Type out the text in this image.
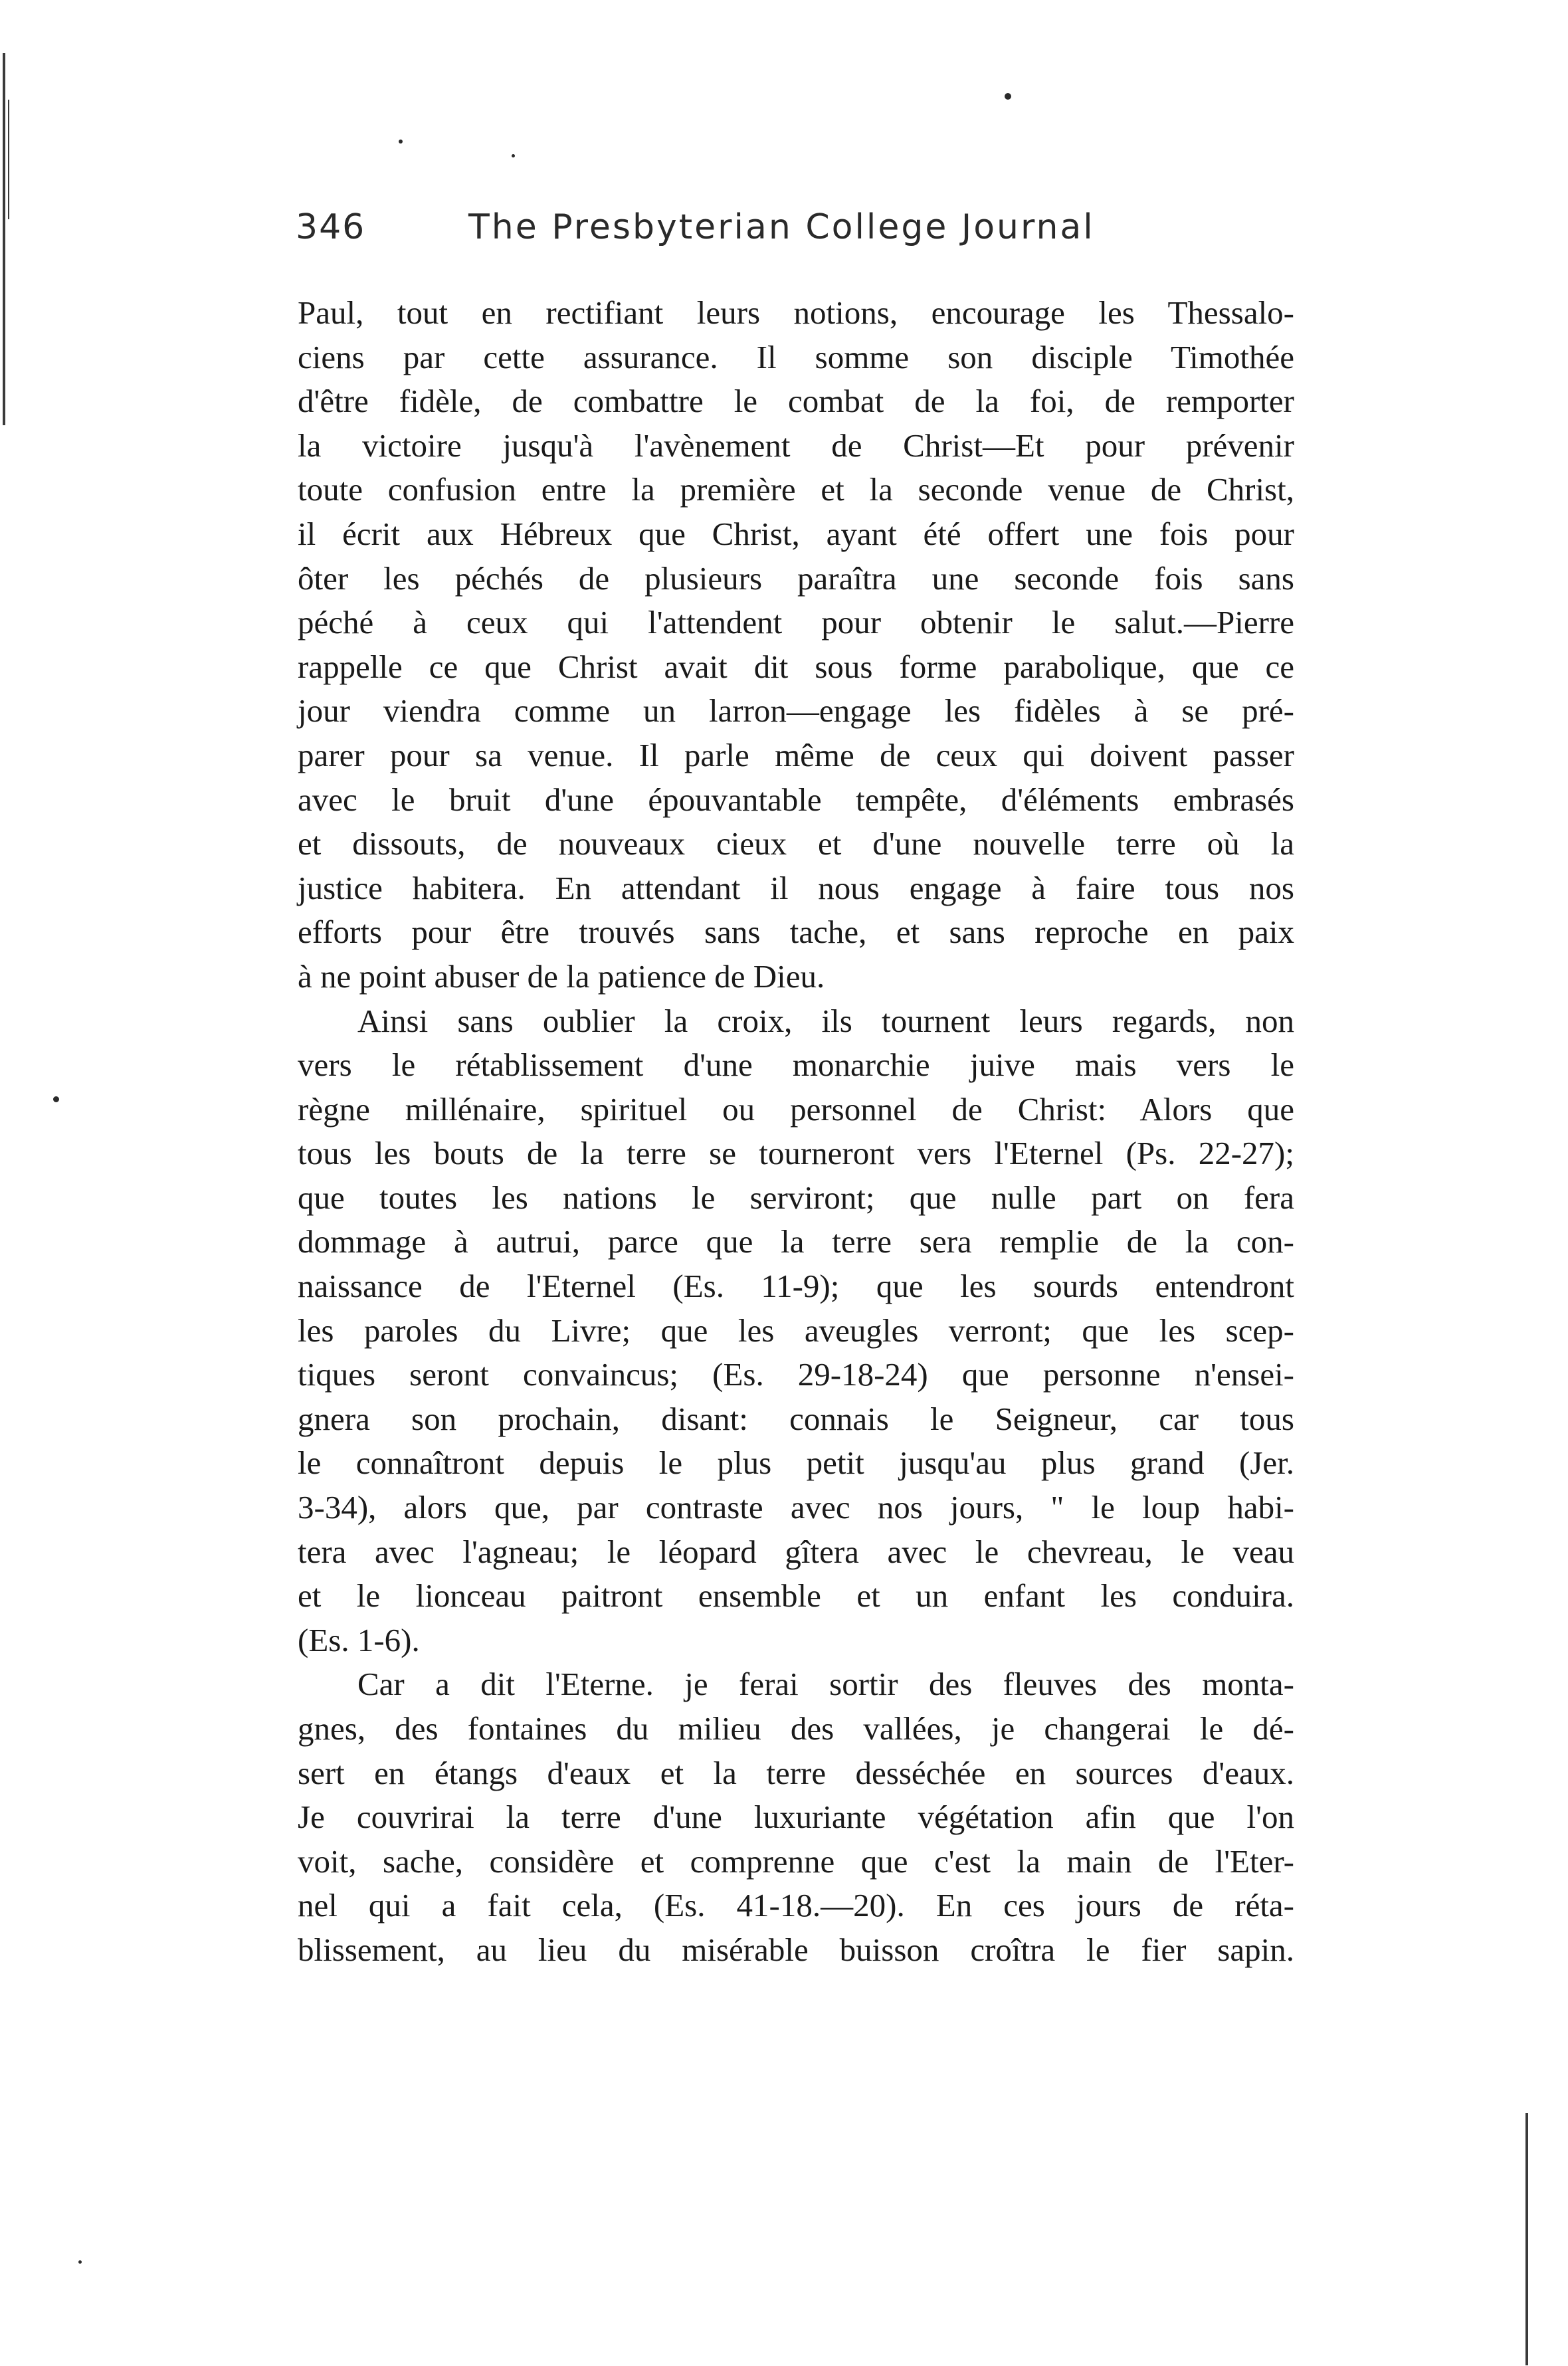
346	The Presbyterian College Journal
Paul, tout en rectifiant leurs notions, encourage les Thessalo-
ciens par cette assurance. Il somme son disciple Timothée
d'être fidèle, de combattre le combat de la foi, de remporter
la victoire jusqu'à l'avènement de Christ—Et pour prévenir
toute confusion entre la première et la seconde venue de Christ,
il écrit aux Hébreux que Christ, ayant été offert une fois pour
ôter les péchés de plusieurs paraîtra une seconde fois sans
péché à ceux qui l'attendent pour obtenir le salut.—Pierre
rappelle ce que Christ avait dit sous forme parabolique, que ce
jour viendra comme un larron—engage les fidèles à se pré-
parer pour sa venue. Il parle même de ceux qui doivent passer
avec le bruit d'une épouvantable tempête, d'éléments embrasés
et dissouts, de nouveaux cieux et d'une nouvelle terre où la
justice habitera. En attendant il nous engage à faire tous nos
efforts pour être trouvés sans tache, et sans reproche en paix
à ne point abuser de la patience de Dieu.
Ainsi sans oublier la croix, ils tournent leurs regards, non
vers le rétablissement d'une monarchie juive mais vers le
règne millénaire, spirituel ou personnel de Christ: Alors que
tous les bouts de la terre se tourneront vers l'Eternel (Ps. 22-27);
que toutes les nations le serviront; que nulle part on fera
dommage à autrui, parce que la terre sera remplie de la con-
naissance de l'Eternel (Es. 11-9); que les sourds entendront
les paroles du Livre; que les aveugles verront; que les scep-
tiques seront convaincus; (Es. 29-18-24) que personne n'ensei-
gnera son prochain, disant: connais le Seigneur, car tous
le connaîtront depuis le plus petit jusqu'au plus grand (Jer.
3-34), alors que, par contraste avec nos jours, " le loup habi-
tera avec l'agneau; le léopard gîtera avec le chevreau, le veau
et le lionceau paitront ensemble et un enfant les conduira.
(Es. 1-6).
Car a dit l'Eterne. je ferai sortir des fleuves des monta-
gnes, des fontaines du milieu des vallées, je changerai le dé-
sert en étangs d'eaux et la terre desséchée en sources d'eaux.
Je couvrirai la terre d'une luxuriante végétation afin que l'on
voit, sache, considère et comprenne que c'est la main de l'Eter-
nel qui a fait cela, (Es. 41-18.—20). En ces jours de réta-
blissement, au lieu du misérable buisson croîtra le fier sapin.
